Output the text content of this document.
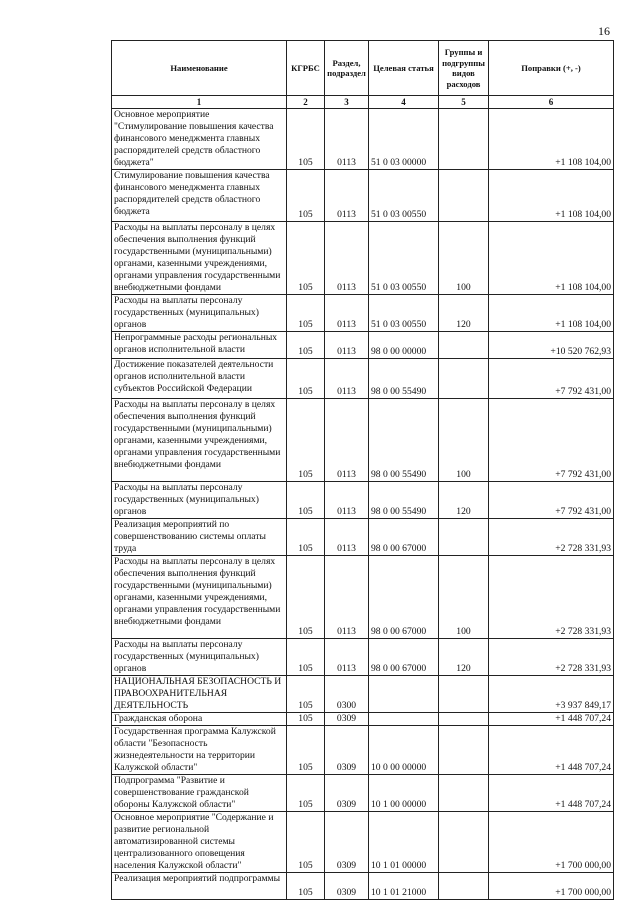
16
Наименование	КГРБС	Раздел, подраздел	Целевая статья	Группы и подгруппы видов расходов	Поправки (+, -)
1	2	3	4	5	6
Основное мероприятие "Стимулирование повышения качества финансового менеджмента главных распорядителей средств областного бюджета"	105	0113	51 0 03 00000		+1 108 104,00
Стимулирование повышения качества финансового менеджмента главных распорядителей средств областного бюджета	105	0113	51 0 03 00550		+1 108 104,00
Расходы на выплаты персоналу в целях обеспечения выполнения функций государственными (муниципальными) органами, казенными учреждениями, органами управления государственными внебюджетными фондами	105	0113	51 0 03 00550	100	+1 108 104,00
Расходы на выплаты персоналу государственных (муниципальных) органов	105	0113	51 0 03 00550	120	+1 108 104,00
Непрограммные расходы региональных органов исполнительной власти	105	0113	98 0 00 00000		+10 520 762,93
Достижение показателей деятельности органов исполнительной власти субъектов Российской Федерации	105	0113	98 0 00 55490		+7 792 431,00
Расходы на выплаты персоналу в целях обеспечения выполнения функций государственными (муниципальными) органами, казенными учреждениями, органами управления государственными внебюджетными фондами	105	0113	98 0 00 55490	100	+7 792 431,00
Расходы на выплаты персоналу государственных (муниципальных) органов	105	0113	98 0 00 55490	120	+7 792 431,00
Реализация мероприятий по совершенствованию системы оплаты труда	105	0113	98 0 00 67000		+2 728 331,93
Расходы на выплаты персоналу в целях обеспечения выполнения функций государственными (муниципальными) органами, казенными учреждениями, органами управления государственными внебюджетными фондами	105	0113	98 0 00 67000	100	+2 728 331,93
Расходы на выплаты персоналу государственных (муниципальных) органов	105	0113	98 0 00 67000	120	+2 728 331,93
НАЦИОНАЛЬНАЯ БЕЗОПАСНОСТЬ И ПРАВООХРАНИТЕЛЬНАЯ ДЕЯТЕЛЬНОСТЬ	105	0300			+3 937 849,17
Гражданская оборона	105	0309			+1 448 707,24
Государственная программа Калужской области "Безопасность жизнедеятельности на территории Калужской области"	105	0309	10 0 00 00000		+1 448 707,24
Подпрограмма "Развитие и совершенствование гражданской обороны Калужской области"	105	0309	10 1 00 00000		+1 448 707,24
Основное мероприятие "Содержание и развитие региональной автоматизированной системы централизованного оповещения населения Калужской области"	105	0309	10 1 01 00000		+1 700 000,00
Реализация мероприятий подпрограммы	105	0309	10 1 01 21000		+1 700 000,00
